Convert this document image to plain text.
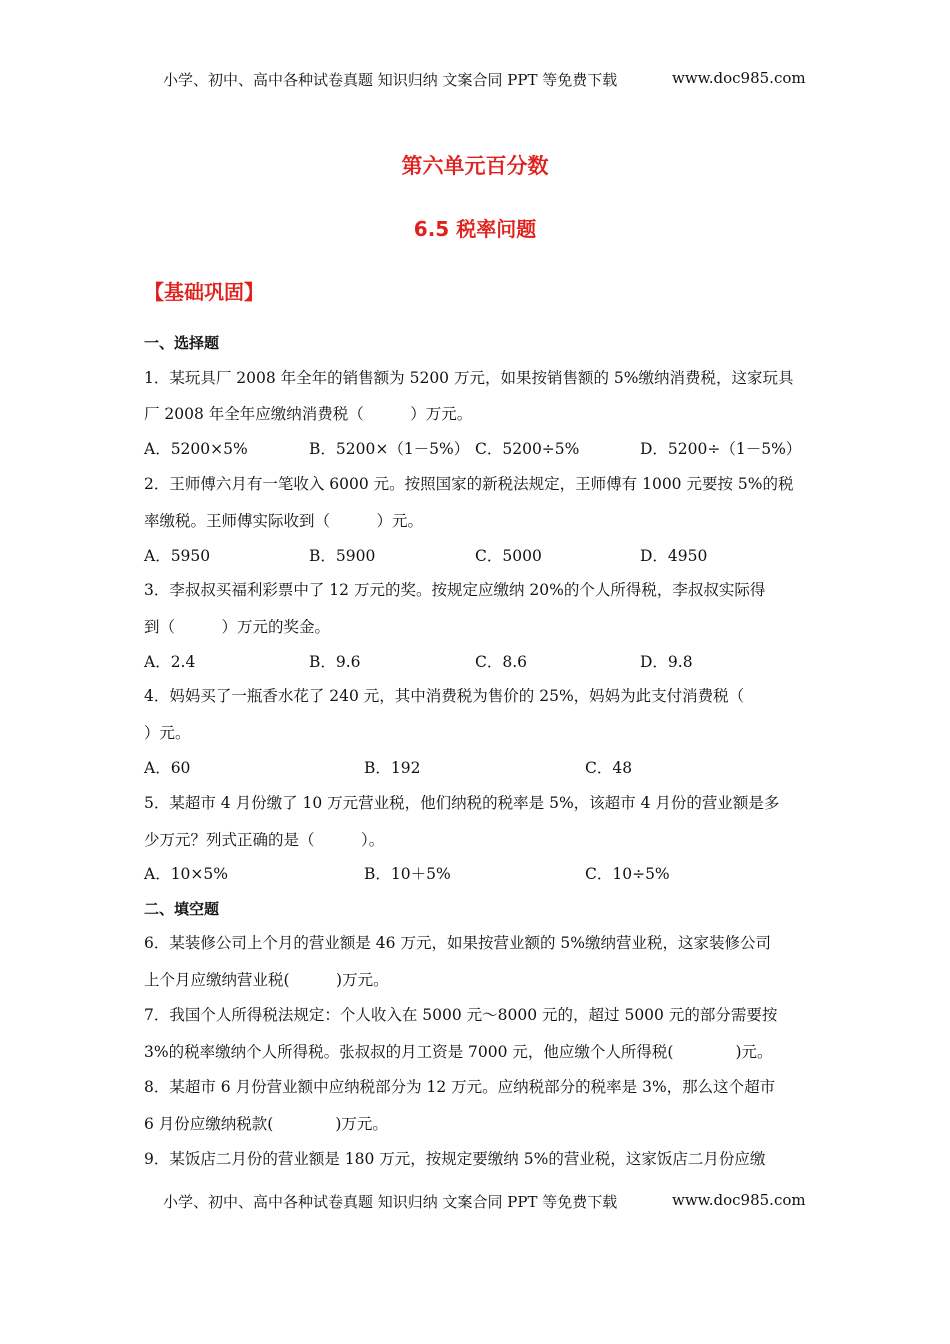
小学、初中、高中各种试卷真题 知识归纳 文案合同 PPT 等免费下载	www.doc985.com
第六单元百分数
6.5 税率问题
【基础巩固】
一、选择题
1．某玩具厂 2008 年全年的销售额为 5200 万元，如果按销售额的 5%缴纳消费税，这家玩具
厂 2008 年全年应缴纳消费税（　　　）万元。
A．5200×5%	B．5200×（1－5%） C．5200÷5%	D．5200÷（1－5%）
2．王师傅六月有一笔收入 6000 元。按照国家的新税法规定，王师傅有 1000 元要按 5%的税
率缴税。王师傅实际收到（　　　）元。
A．5950	B．5900	C．5000	D．4950
3．李叔叔买福利彩票中了 12 万元的奖。按规定应缴纳 20%的个人所得税，李叔叔实际得
到（　　　）万元的奖金。
A．2.4	B．9.6	C．8.6	D．9.8
4．妈妈买了一瓶香水花了 240 元，其中消费税为售价的 25%，妈妈为此支付消费税（
）元。
A．60	B．192	C．48
5．某超市 4 月份缴了 10 万元营业税，他们纳税的税率是 5%，该超市 4 月份的营业额是多
少万元？列式正确的是（　　　）。
A．10×5%	B．10＋5%	C．10÷5%
二、填空题
6．某装修公司上个月的营业额是 46 万元，如果按营业额的 5%缴纳营业税，这家装修公司
上个月应缴纳营业税(　　　)万元。
7．我国个人所得税法规定：个人收入在 5000 元～8000 元的，超过 5000 元的部分需要按
3%的税率缴纳个人所得税。张叔叔的月工资是 7000 元，他应缴个人所得税(　　　　)元。
8．某超市 6 月份营业额中应纳税部分为 12 万元。应纳税部分的税率是 3%，那么这个超市
6 月份应缴纳税款(　　　　)万元。
9．某饭店二月份的营业额是 180 万元，按规定要缴纳 5%的营业税，这家饭店二月份应缴
小学、初中、高中各种试卷真题 知识归纳 文案合同 PPT 等免费下载	www.doc985.com
